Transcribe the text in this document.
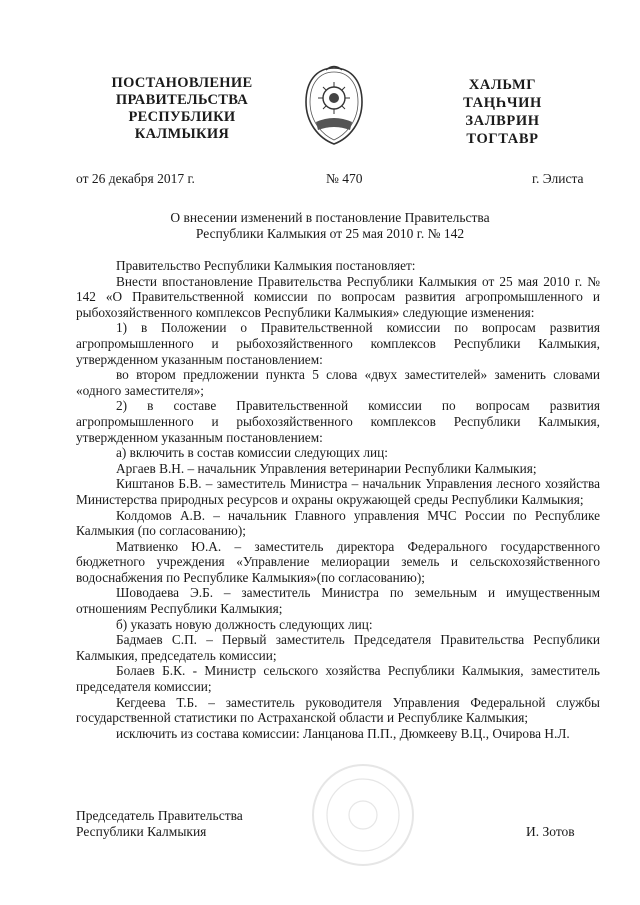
ПОСТАНОВЛЕНИЕ
ПРАВИТЕЛЬСТВА
РЕСПУБЛИКИ
КАЛМЫКИЯ
ХАЛЬМГ
ТАҢҺЧИН
ЗАЛВРИН
ТОГТАВР
от 26 декабря 2017 г.	№ 470	г. Элиста
О внесении изменений в постановление Правительства
Республики Калмыкия от 25 мая 2010 г. № 142

Правительство Республики Калмыкия постановляет:

Внести впостановление Правительства Республики Калмыкия от 25 мая 2010 г. № 142 «О Правительственной комиссии по вопросам развития агропромышленного и рыбохозяйственного комплексов Республики Калмыкия» следующие изменения:

1) в Положении о Правительственной комиссии по вопросам развития агропромышленного и рыбохозяйственного комплексов Республики Калмыкия, утвержденном указанным постановлением:

во втором предложении пункта 5 слова «двух заместителей» заменить словами «одного заместителя»;

2) в составе Правительственной комиссии по вопросам развития агропромышленного и рыбохозяйственного комплексов Республики Калмыкия, утвержденном указанным постановлением:

а) включить в состав комиссии следующих лиц:

Аргаев В.Н. – начальник Управления ветеринарии Республики Калмыкия;

Киштанов Б.В. – заместитель Министра – начальник Управления лесного хозяйства Министерства природных ресурсов и охраны окружающей среды Республики Калмыкия;

Колдомов А.В. – начальник Главного управления МЧС России по Республике Калмыкия (по согласованию);

Матвиенко Ю.А. – заместитель директора Федерального государственного бюджетного учреждения «Управление мелиорации земель и сельскохозяйственного водоснабжения по Республике Калмыкия»(по согласованию);

Шоводаева Э.Б. – заместитель Министра по земельным и имущественным отношениям Республики Калмыкия;

б) указать новую должность следующих лиц:

Бадмаев С.П. – Первый заместитель Председателя Правительства Республики Калмыкия, председатель комиссии;

Болаев Б.К. - Министр сельского хозяйства Республики Калмыкия, заместитель председателя комиссии;

Кегдеева Т.Б. – заместитель руководителя Управления Федеральной службы государственной статистики по Астраханской области и Республике Калмыкия;

исключить из состава комиссии: Ланцанова П.П., Дюмкееву В.Ц., Очирова Н.Л.

Председатель Правительства
Республики Калмыкия	И. Зотов
